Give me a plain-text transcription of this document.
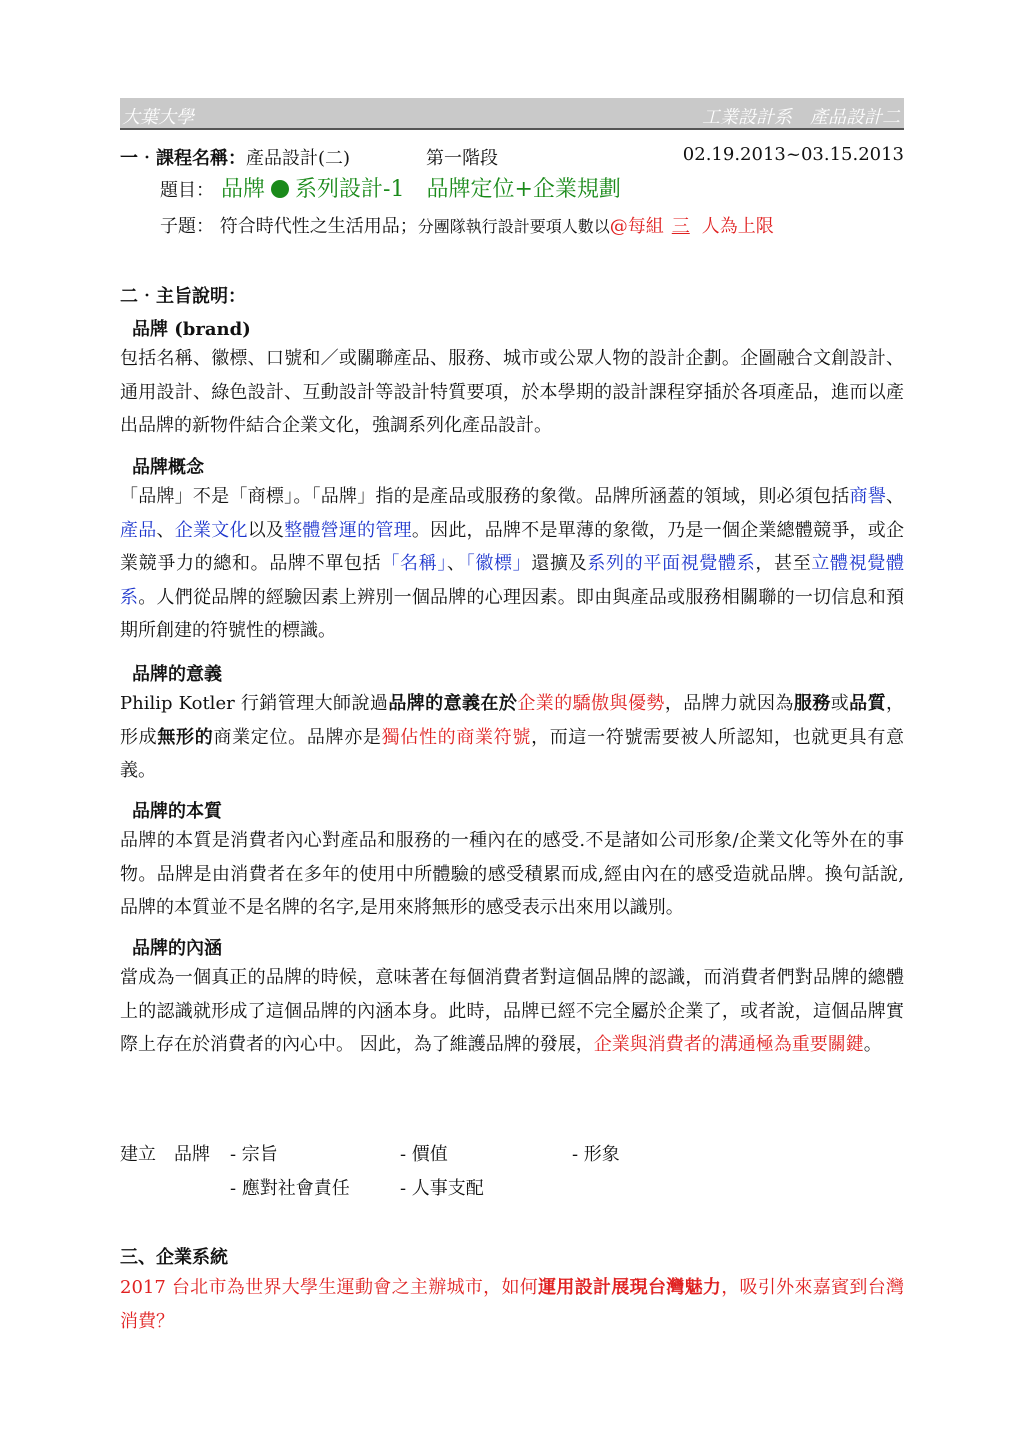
大葉大學	工業設計系　產品設計二
一‧課程名稱：產品設計(二)	第一階段	02.19.2013~03.15.2013
題目： 品牌 系列設計-1　品牌定位+企業規劃
子題： 符合時代性之生活用品；分團隊執行設計要項人數以@每組 三 人為上限
二‧主旨說明：
品牌 (brand)
包括名稱、徽標、口號和／或關聯產品、服務、城市或公眾人物的設計企劃。企圖融合文創設計、通用設計、綠色設計、互動設計等設計特質要項，於本學期的設計課程穿插於各項產品，進而以產出品牌的新物件結合企業文化，強調系列化產品設計。
品牌概念
「品牌」不是「商標」。「品牌」指的是產品或服務的象徵。品牌所涵蓋的領域，則必須包括商譽、產品、企業文化以及整體營運的管理。因此，品牌不是單薄的象徵，乃是一個企業總體競爭，或企業競爭力的總和。品牌不單包括「名稱」、「徽標」還擴及系列的平面視覺體系，甚至立體視覺體系。人們從品牌的經驗因素上辨別一個品牌的心理因素。即由與產品或服務相關聯的一切信息和預期所創建的符號性的標識。
品牌的意義
Philip Kotler 行銷管理大師說過品牌的意義在於企業的驕傲與優勢，品牌力就因為服務或品質，形成無形的商業定位。品牌亦是獨佔性的商業符號，而這一符號需要被人所認知，也就更具有意義。
品牌的本質
品牌的本質是消費者內心對產品和服務的一種內在的感受.不是諸如公司形象/企業文化等外在的事物。品牌是由消費者在多年的使用中所體驗的感受積累而成,經由內在的感受造就品牌。換句話說,品牌的本質並不是名牌的名字,是用來將無形的感受表示出來用以識別。
品牌的內涵
當成為一個真正的品牌的時候，意味著在每個消費者對這個品牌的認識，而消費者們對品牌的總體上的認識就形成了這個品牌的內涵本身。此時，品牌已經不完全屬於企業了，或者說，這個品牌實際上存在於消費者的內心中。 因此，為了維護品牌的發展，企業與消費者的溝通極為重要關鍵。
建立　品牌 - 宗旨	- 價值	- 形象
- 應對社會責任	- 人事支配
三、企業系統
2017 台北市為世界大學生運動會之主辦城市，如何運用設計展現台灣魅力，吸引外來嘉賓到台灣消費？
